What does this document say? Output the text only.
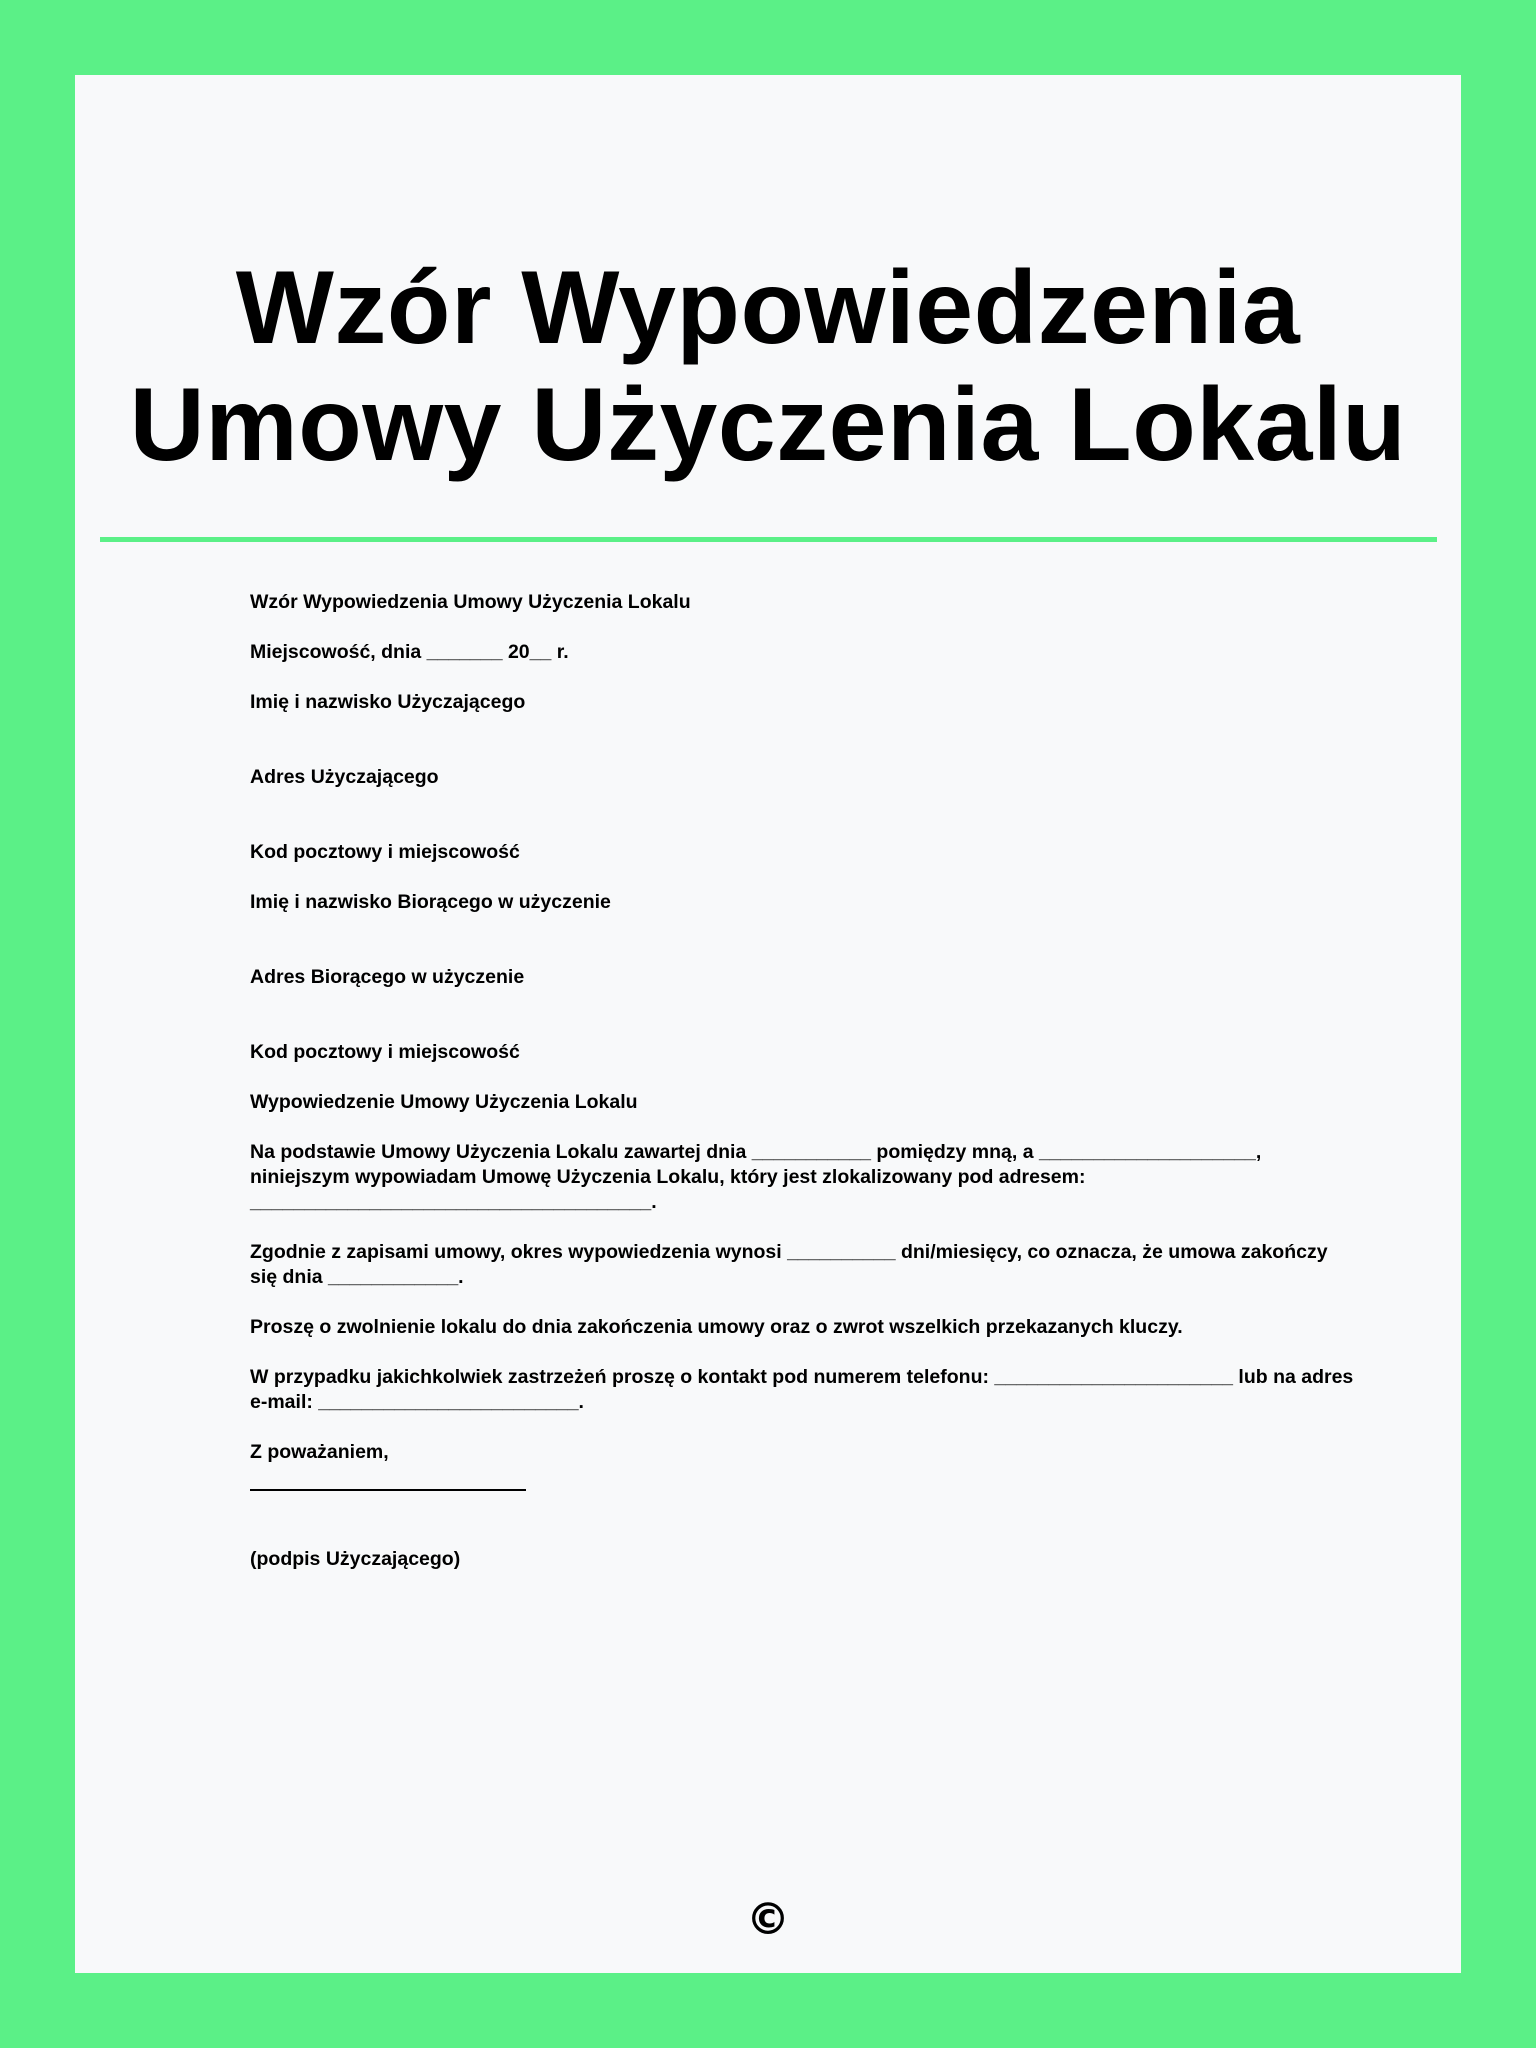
Wzór Wypowiedzenia Umowy Użyczenia Lokalu

Wzór Wypowiedzenia Umowy Użyczenia Lokalu

Miejscowość, dnia _______ 20__ r.

Imię i nazwisko Użyczającego

Adres Użyczającego

Kod pocztowy i miejscowość

Imię i nazwisko Biorącego w użyczenie

Adres Biorącego w użyczenie

Kod pocztowy i miejscowość

Wypowiedzenie Umowy Użyczenia Lokalu

Na podstawie Umowy Użyczenia Lokalu zawartej dnia ___________ pomiędzy mną, a ____________________, niniejszym wypowiadam Umowę Użyczenia Lokalu, który jest zlokalizowany pod adresem: _____________________________________.

Zgodnie z zapisami umowy, okres wypowiedzenia wynosi __________ dni/miesięcy, co oznacza, że umowa zakończy się dnia ____________.

Proszę o zwolnienie lokalu do dnia zakończenia umowy oraz o zwrot wszelkich przekazanych kluczy.

W przypadku jakichkolwiek zastrzeżeń proszę o kontakt pod numerem telefonu: ______________________ lub na adres e-mail: ________________________.

Z poważaniem,

(podpis Użyczającego)

©
